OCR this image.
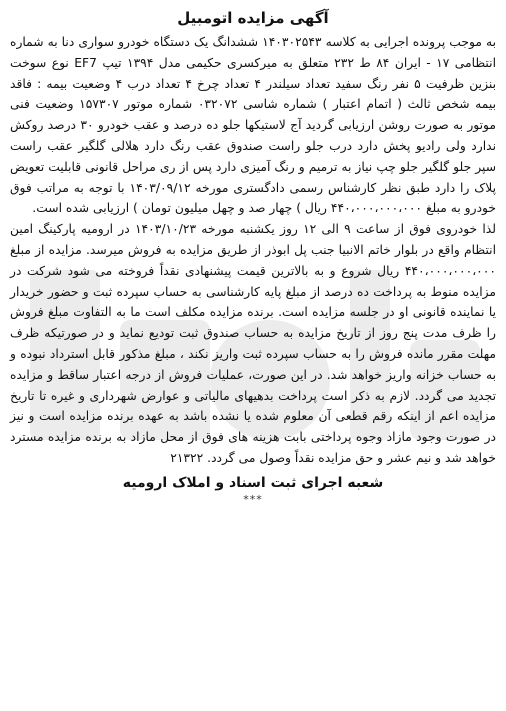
آگهی مزایده اتومبیل

به موجب پرونده اجرایی به کلاسه ۱۴۰۳۰۲۵۴۳ ششدانگ یک دستگاه خودرو سواری دنا به شماره انتظامی ۱۷ - ایران ۸۴ ط ۲۳۲ متعلق به میرکسری حکیمی مدل ۱۳۹۴ تیپ EF7 نوع سوخت بنزین ظرفیت ۵ نفر رنگ سفید تعداد سیلندر ۴ تعداد چرخ ۴ تعداد درب ۴ وضعیت بیمه : فاقد بیمه شخص ثالث ( اتمام اعتبار ) شماره شاسی ۰۳۲۰۷۲ شماره موتور ۱۵۷۳۰۷ وضعیت فنی موتور به صورت روشن ارزیابی گردید آج لاستیکها جلو ده درصد و عقب خودرو ۳۰ درصد روکش ندارد ولی رادیو پخش دارد درب جلو راست صندوق عقب رنگ دارد هلالی گلگیر عقب راست سپر جلو گلگیر جلو چپ نیاز به ترمیم و رنگ آمیزی دارد پس از ری مراحل قانونی قابلیت تعویض پلاک را دارد طبق نظر کارشناس رسمی دادگستری مورخه ۱۴۰۳/۰۹/۱۲ با توجه به مراتب فوق خودرو به مبلغ ۴۴۰،۰۰۰،۰۰۰،۰۰۰ ریال ) چهار صد و چهل میلیون تومان ) ارزیابی شده است.

لذا خودروی فوق از ساعت ۹ الی ۱۲ روز یکشنبه مورخه ۱۴۰۳/۱۰/۲۳ در ارومیه پارکینگ امین انتظام واقع در بلوار خاتم الانبیا جنب پل ابوذر از طریق مزایده به فروش میرسد. مزایده از مبلغ ۴۴۰،۰۰۰،۰۰۰،۰۰۰ ریال شروع و به بالاترین قیمت پیشنهادی نقداً فروخته می شود شرکت در مزایده منوط به پرداخت ده درصد از مبلغ پایه کارشناسی به حساب سپرده ثبت و حضور خریدار یا نماینده قانونی او در جلسه مزایده است. برنده مزایده مکلف است ما به التفاوت مبلغ فروش را ظرف مدت پنج روز از تاریخ مزایده به حساب صندوق ثبت تودیع نماید و در صورتیکه ظرف مهلت مقرر مانده فروش را به حساب سپرده ثبت واریز نکند ، مبلغ مذکور قابل استرداد نبوده و به حساب خزانه واریز خواهد شد. در این صورت، عملیات فروش از درجه اعتبار ساقط و مزایده تجدید می گردد. لازم به ذکر است پرداخت بدهیهای مالیاتی و عوارض شهرداری و غیره تا تاریخ مزایده اعم از اینکه رقم قطعی آن معلوم شده یا نشده باشد به عهده برنده مزایده است و نیز در صورت وجود مازاد وجوه پرداختی بابت هزینه های فوق از محل مازاد به برنده مزایده مسترد خواهد شد و نیم عشر و حق مزایده نقداً وصول می گردد. ۲۱۳۲۲

شعبه اجرای ثبت اسناد و املاک ارومیه
***
